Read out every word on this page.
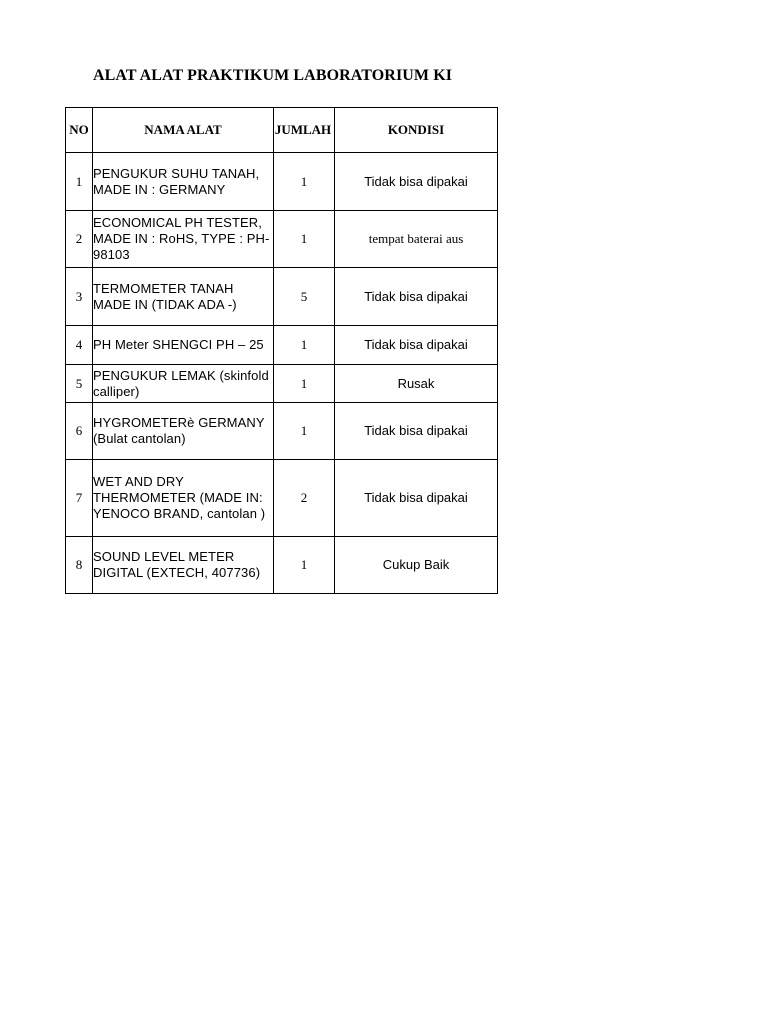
ALAT ALAT PRAKTIKUM LABORATORIUM KI
NO	NAMA ALAT	JUMLAH	KONDISI
1	PENGUKUR SUHU TANAH, MADE IN : GERMANY	1	Tidak bisa dipakai
2	ECONOMICAL PH TESTER, MADE IN : RoHS, TYPE : PH-98103	1	tempat baterai aus
3	TERMOMETER TANAH MADE IN (TIDAK ADA -)	5	Tidak bisa dipakai
4	PH Meter SHENGCI PH – 25	1	Tidak bisa dipakai
5	PENGUKUR LEMAK (skinfold calliper)	1	Rusak
6	HYGROMETERè GERMANY (Bulat cantolan)	1	Tidak bisa dipakai
7	WET AND DRY THERMOMETER (MADE IN: YENOCO BRAND, cantolan )	2	Tidak bisa dipakai
8	SOUND LEVEL METER DIGITAL (EXTECH, 407736)	1	Cukup Baik
